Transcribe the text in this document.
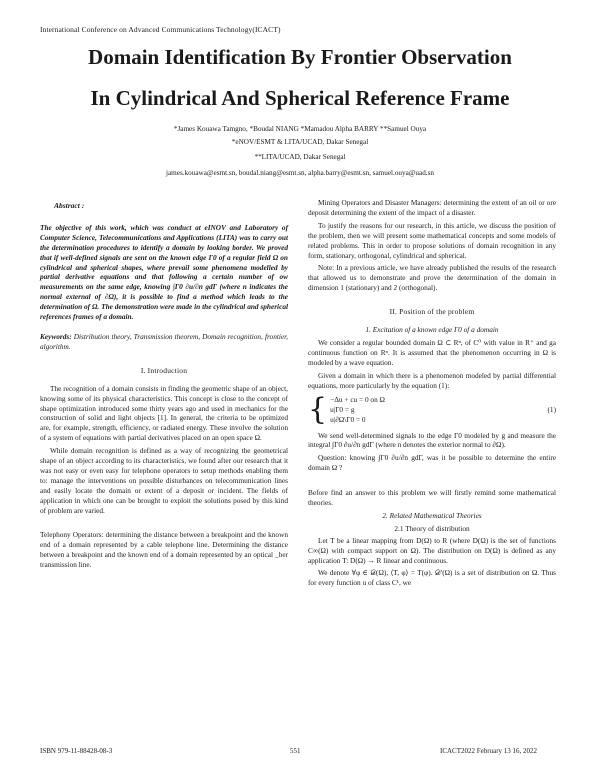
International Conference on Advanced Communications Technology(ICACT)
Domain Identification By Frontier Observation
In Cylindrical And Spherical Reference Frame
*James Kouawa Tamgno, *Boudal NIANG *Mamadou Alpha BARRY **Samuel Ouya
*eNOV/ESMT & LITA/UCAD, Dakar Senegal
**LITA/UCAD, Dakar Senegal
james.kouawa@esmt.sn, boudal.niang@esmt.sn, alpha.barry@esmt.sn, samuel.ouya@uad.sn
Abstract :

The objective of this work, which was conduct at eINOV and Laboratory of Computer Science, Telecommunications and Applications (LITA) was to carry out the determination procedures to identify a domain by looking border. We proved that if well-defined signals are sent on the known edge Γ0 of a regular field Ω on cylindrical and spherical shapes, where prevail some phenomena modelled by partial derivative equations and that following a certain number of ow measurements on the same edge, knowing ∫Γ0 ∂u/∂n gdΓ (where n indicates the normal external of ∂Ω), it is possible to find a method which leads to the determination of Ω. The demonstration were made in the cylindrical and spherical references frames of a domain.

Keywords: Distribution theory, Transmission theorem, Domain recognition, frontier, algorithm.

I. Introduction

The recognition of a domain consists in finding the geometric shape of an object, knowing some of its physical characteristics. This concept is close to the concept of shape optimization introduced some thirty years ago and used in mechanics for the construction of solid and light objects [1]. In general, the criteria to be optimized are, for example, strength, efficiency, or radiated energy. These involve the solution of a system of equations with partial derivatives placed on an open space Ω.

While domain recognition is defined as a way of recognizing the geometrical shape of an object according to its characteristics, we found after our research that it was not easy or even easy for telephone operators to setup methods enabling them to: manage the interventions on possible disturbances on telecommunication lines and easily locate the domain or extent of a deposit or incident. The fields of application in which one can be brought to exploit the solutions posed by this kind of problem are varied.

Telephony Operators: determining the distance between a breakpoint and the known end of a domain represented by a cable telephone line. Determining the distance between a breakpoint and the known end of a domain represented by an optical _ber transmission line.

Mining Operators and Disaster Managers: determining the extent of an oil or ore deposit determining the extent of the impact of a disaster.

To justify the reasons for our research, in this article, we discuss the position of the problem, then we will present some mathematical concepts and some models of related problems. This in order to propose solutions of domain recognition in any form, stationary, orthogonal, cylindrical and spherical.

Note: In a previous article, we have already published the results of the research that allowed us to demonstrate and prove the determination of the domain in dimension 1 (stationary) and 2 (orthogonal).

II. Position of the problem
1. Excitation of a known edge Γ0 of a domain

We consider a regular bounded domain Ω ⊂ Rⁿ, of C⁰ with value in R⁺ and ga continuous function on Rⁿ. It is assumed that the phenomenon occurring in Ω is modeled by a wave equation.

Given a domain in which there is a phenomenon modeled by partial differential equations, more particularly by the equation (1):

{ −Δu + cu = 0 on Ω
u|Γ0 = g
u|∂Ω\Γ0 = 0
(1)

We send well-determined signals to the edge Γ0 modeled by g and measure the integral ∫Γ0 ∂u/∂n gdΓ (where n denotes the exterior normal to ∂Ω).

Question: knowing ∫Γ0 ∂u/∂n gdΓ, was it be possible to determine the entire domain Ω ?

Before find an answer to this problem we will firstly remind some mathematical theories.

2. Related Mathematical Theories
2.1 Theory of distribution

Let T be a linear mapping from D(Ω) to R (where D(Ω) is the set of functions C∞(Ω) with compact support on Ω). The distribution on D(Ω) is defined as any application T: D(Ω) → R linear and continuous.

We denote ∀φ ∈ 𝒟(Ω), ⟨T, φ⟩ = T(φ). 𝒟′(Ω) is a set of distribution on Ω. Thus for every function u of class C¹, we

ISBN 979-11-88428-08-3	551	ICACT2022 February 13 16, 2022
